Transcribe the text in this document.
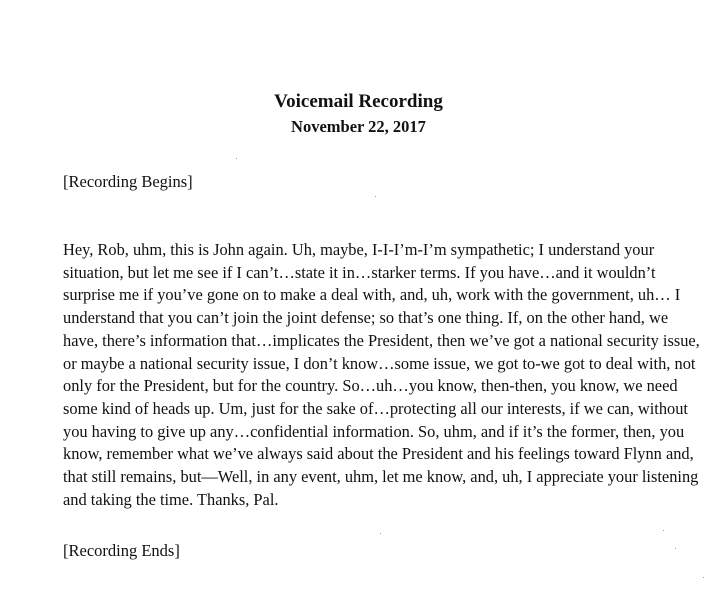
Voicemail Recording

November 22, 2017

[Recording Begins]

Hey, Rob, uhm, this is John again. Uh, maybe, I-I-I’m-I’m sympathetic; I understand your
situation, but let me see if I can’t…state it in…starker terms. If you have…and it wouldn’t
surprise me if you’ve gone on to make a deal with, and, uh, work with the government, uh… I
understand that you can’t join the joint defense; so that’s one thing. If, on the other hand, we
have, there’s information that…implicates the President, then we’ve got a national security issue,
or maybe a national security issue, I don’t know…some issue, we got to-we got to deal with, not
only for the President, but for the country. So…uh…you know, then-then, you know, we need
some kind of heads up. Um, just for the sake of…protecting all our interests, if we can, without
you having to give up any…confidential information. So, uhm, and if it’s the former, then, you
know, remember what we’ve always said about the President and his feelings toward Flynn and,
that still remains, but—Well, in any event, uhm, let me know, and, uh, I appreciate your listening
and taking the time. Thanks, Pal.

[Recording Ends]
